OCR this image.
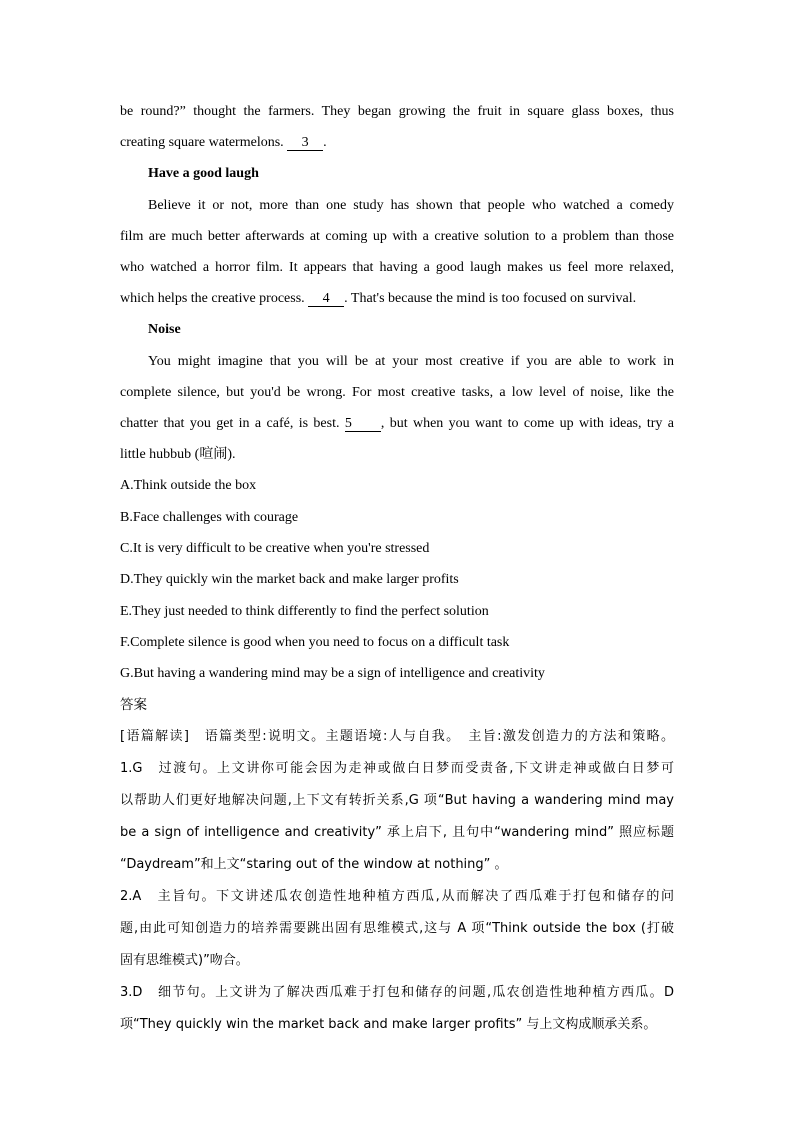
be round?” thought the farmers. They began growing the fruit in square glass boxes, thus

creating square watermelons. 3 .

Have a good laugh

Believe it or not, more than one study has shown that people who watched a comedy

film are much better afterwards at coming up with a creative solution to a problem than those

who watched a horror film. It appears that having a good laugh makes us feel more relaxed,

which helps the creative process. 4 . That's because the mind is too focused on survival.

Noise

You might imagine that you will be at your most creative if you are able to work in

complete silence, but you'd be wrong. For most creative tasks, a low level of noise, like the

chatter that you get in a café, is best. 5 , but when you want to come up with ideas, try a

little hubbub (喧闹).

A.Think outside the box

B.Face challenges with courage

C.It is very difficult to be creative when you're stressed

D.They quickly win the market back and make larger profits

E.They just needed to think differently to find the perfect solution

F.Complete silence is good when you need to focus on a difficult task

G.But having a wandering mind may be a sign of intelligence and creativity

答案

[语篇解读]　语篇类型:说明文。主题语境:人与自我。　主旨:激发创造力的方法和策略。

1.G　过渡句。上文讲你可能会因为走神或做白日梦而受责备,下文讲走神或做白日梦可

以帮助人们更好地解决问题,上下文有转折关系,G 项“But having a wandering mind may

be a sign of intelligence and creativity” 承上启下, 且句中“wandering mind” 照应标题

“Daydream”和上文“staring out of the window at nothing” 。

2.A　主旨句。下文讲述瓜农创造性地种植方西瓜,从而解决了西瓜难于打包和储存的问

题,由此可知创造力的培养需要跳出固有思维模式,这与 A 项“Think outside the box (打破

固有思维模式)”吻合。

3.D　细节句。上文讲为了解决西瓜难于打包和储存的问题,瓜农创造性地种植方西瓜。D

项“They quickly win the market back and make larger profits” 与上文构成顺承关系。
